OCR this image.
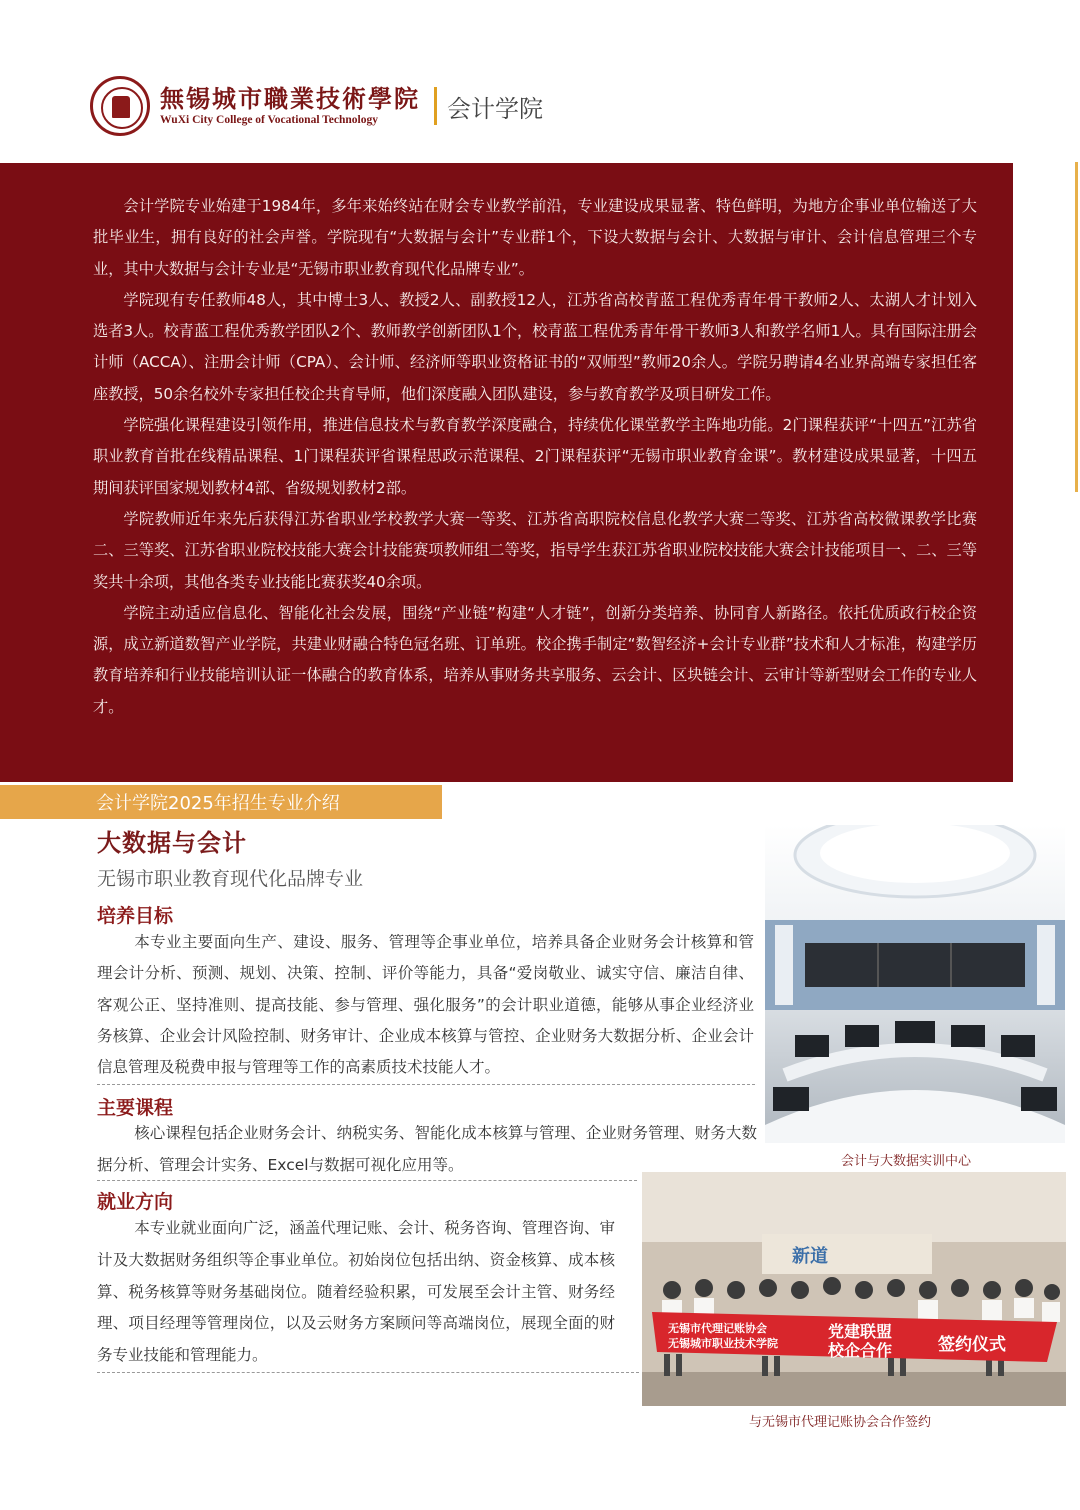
無锡城市職業技術學院
WuXi City College of Vocational Technology	会计学院

会计学院专业始建于1984年，多年来始终站在财会专业教学前沿，专业建设成果显著、特色鲜明，为地方企事业单位输送了大批毕业生，拥有良好的社会声誉。学院现有“大数据与会计”专业群1个，下设大数据与会计、大数据与审计、会计信息管理三个专业，其中大数据与会计专业是“无锡市职业教育现代化品牌专业”。

学院现有专任教师48人，其中博士3人、教授2人、副教授12人，江苏省高校青蓝工程优秀青年骨干教师2人、太湖人才计划入选者3人。校青蓝工程优秀教学团队2个、教师教学创新团队1个，校青蓝工程优秀青年骨干教师3人和教学名师1人。具有国际注册会计师（ACCA）、注册会计师（CPA）、会计师、经济师等职业资格证书的“双师型”教师20余人。学院另聘请4名业界高端专家担任客座教授，50余名校外专家担任校企共育导师，他们深度融入团队建设，参与教育教学及项目研发工作。

学院强化课程建设引领作用，推进信息技术与教育教学深度融合，持续优化课堂教学主阵地功能。2门课程获评“十四五”江苏省职业教育首批在线精品课程、1门课程获评省课程思政示范课程、2门课程获评“无锡市职业教育金课”。教材建设成果显著，十四五期间获评国家规划教材4部、省级规划教材2部。

学院教师近年来先后获得江苏省职业学校教学大赛一等奖、江苏省高职院校信息化教学大赛二等奖、江苏省高校微课教学比赛二、三等奖、江苏省职业院校技能大赛会计技能赛项教师组二等奖，指导学生获江苏省职业院校技能大赛会计技能项目一、二、三等奖共十余项，其他各类专业技能比赛获奖40余项。

学院主动适应信息化、智能化社会发展，围绕“产业链”构建“人才链”，创新分类培养、协同育人新路径。依托优质政行校企资源，成立新道数智产业学院，共建业财融合特色冠名班、订单班。校企携手制定“数智经济+会计专业群”技术和人才标准，构建学历教育培养和行业技能培训认证一体融合的教育体系，培养从事财务共享服务、云会计、区块链会计、云审计等新型财会工作的专业人才。

会计学院2025年招生专业介绍
大数据与会计
无锡市职业教育现代化品牌专业
培养目标

本专业主要面向生产、建设、服务、管理等企事业单位，培养具备企业财务会计核算和管理会计分析、预测、规划、决策、控制、评价等能力，具备“爱岗敬业、诚实守信、廉洁自律、客观公正、坚持准则、提高技能、参与管理、强化服务”的会计职业道德，能够从事企业经济业务核算、企业会计风险控制、财务审计、企业成本核算与管控、企业财务大数据分析、企业会计信息管理及税费申报与管理等工作的高素质技术技能人才。

主要课程

核心课程包括企业财务会计、纳税实务、智能化成本核算与管理、企业财务管理、财务大数据分析、管理会计实务、Excel与数据可视化应用等。

就业方向

本专业就业面向广泛，涵盖代理记账、会计、税务咨询、管理咨询、审计及大数据财务组织等企事业单位。初始岗位包括出纳、资金核算、成本核算、税务核算等财务基础岗位。随着经验积累，可发展至会计主管、财务经理、项目经理等管理岗位，以及云财务方案顾问等高端岗位，展现全面的财务专业技能和管理能力。

会计与大数据实训中心
新道
无锡市代理记账协会
无锡城市职业技术学院
党建联盟
校企合作	签约仪式
与无锡市代理记账协会合作签约
